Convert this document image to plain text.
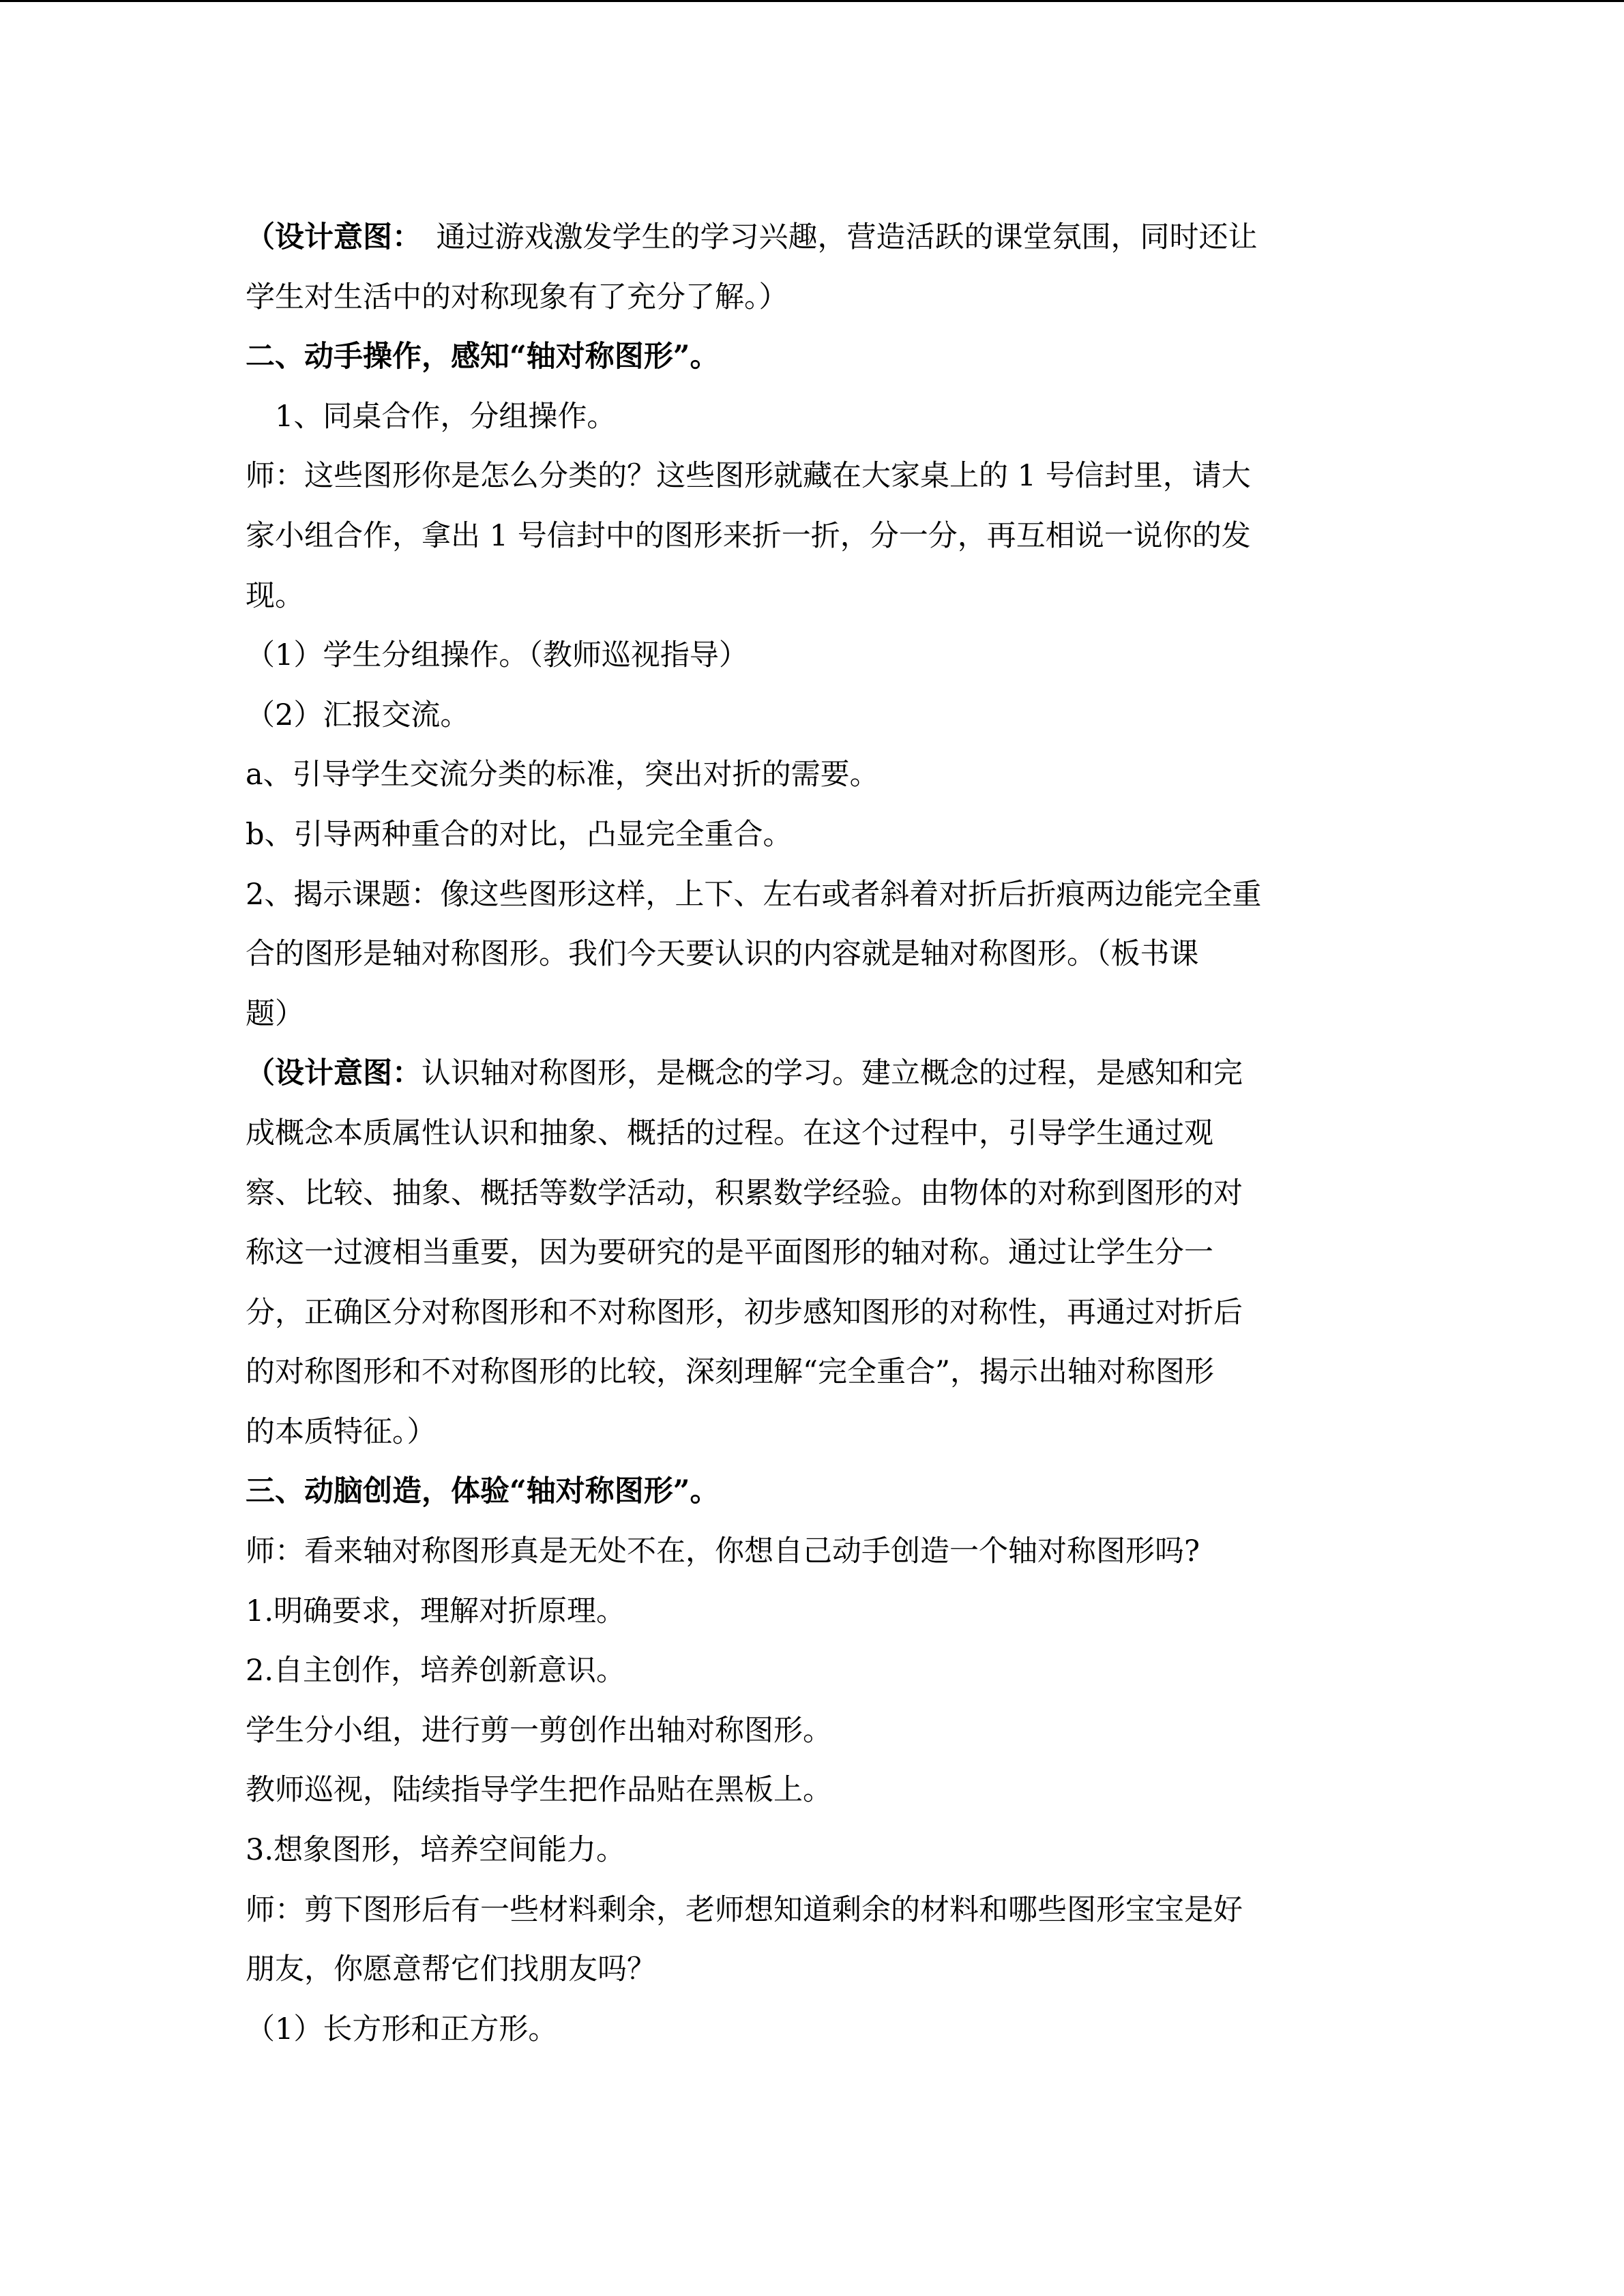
（设计意图：　通过游戏激发学生的学习兴趣，营造活跃的课堂氛围，同时还让
学生对生活中的对称现象有了充分了解。）
二、动手操作，感知“轴对称图形”。
　1、同桌合作，分组操作。
师：这些图形你是怎么分类的？这些图形就藏在大家桌上的 1 号信封里，请大
家小组合作，拿出 1 号信封中的图形来折一折，分一分，再互相说一说你的发
现。
（1）学生分组操作。（教师巡视指导）
（2）汇报交流。
a、引导学生交流分类的标准，突出对折的需要。
b、引导两种重合的对比，凸显完全重合。
2、揭示课题：像这些图形这样，上下、左右或者斜着对折后折痕两边能完全重
合的图形是轴对称图形。我们今天要认识的内容就是轴对称图形。（板书课
题）
（设计意图：认识轴对称图形，是概念的学习。建立概念的过程，是感知和完
成概念本质属性认识和抽象、概括的过程。在这个过程中，引导学生通过观
察、比较、抽象、概括等数学活动，积累数学经验。由物体的对称到图形的对
称这一过渡相当重要，因为要研究的是平面图形的轴对称。通过让学生分一
分，正确区分对称图形和不对称图形，初步感知图形的对称性，再通过对折后
的对称图形和不对称图形的比较，深刻理解“完全重合”，揭示出轴对称图形
的本质特征。）
三、动脑创造，体验“轴对称图形”。
师：看来轴对称图形真是无处不在，你想自己动手创造一个轴对称图形吗?
1.明确要求，理解对折原理。
2.自主创作，培养创新意识。
学生分小组，进行剪一剪创作出轴对称图形。
教师巡视，陆续指导学生把作品贴在黑板上。
3.想象图形，培养空间能力。
师：剪下图形后有一些材料剩余，老师想知道剩余的材料和哪些图形宝宝是好
朋友，你愿意帮它们找朋友吗？
（1）长方形和正方形。
